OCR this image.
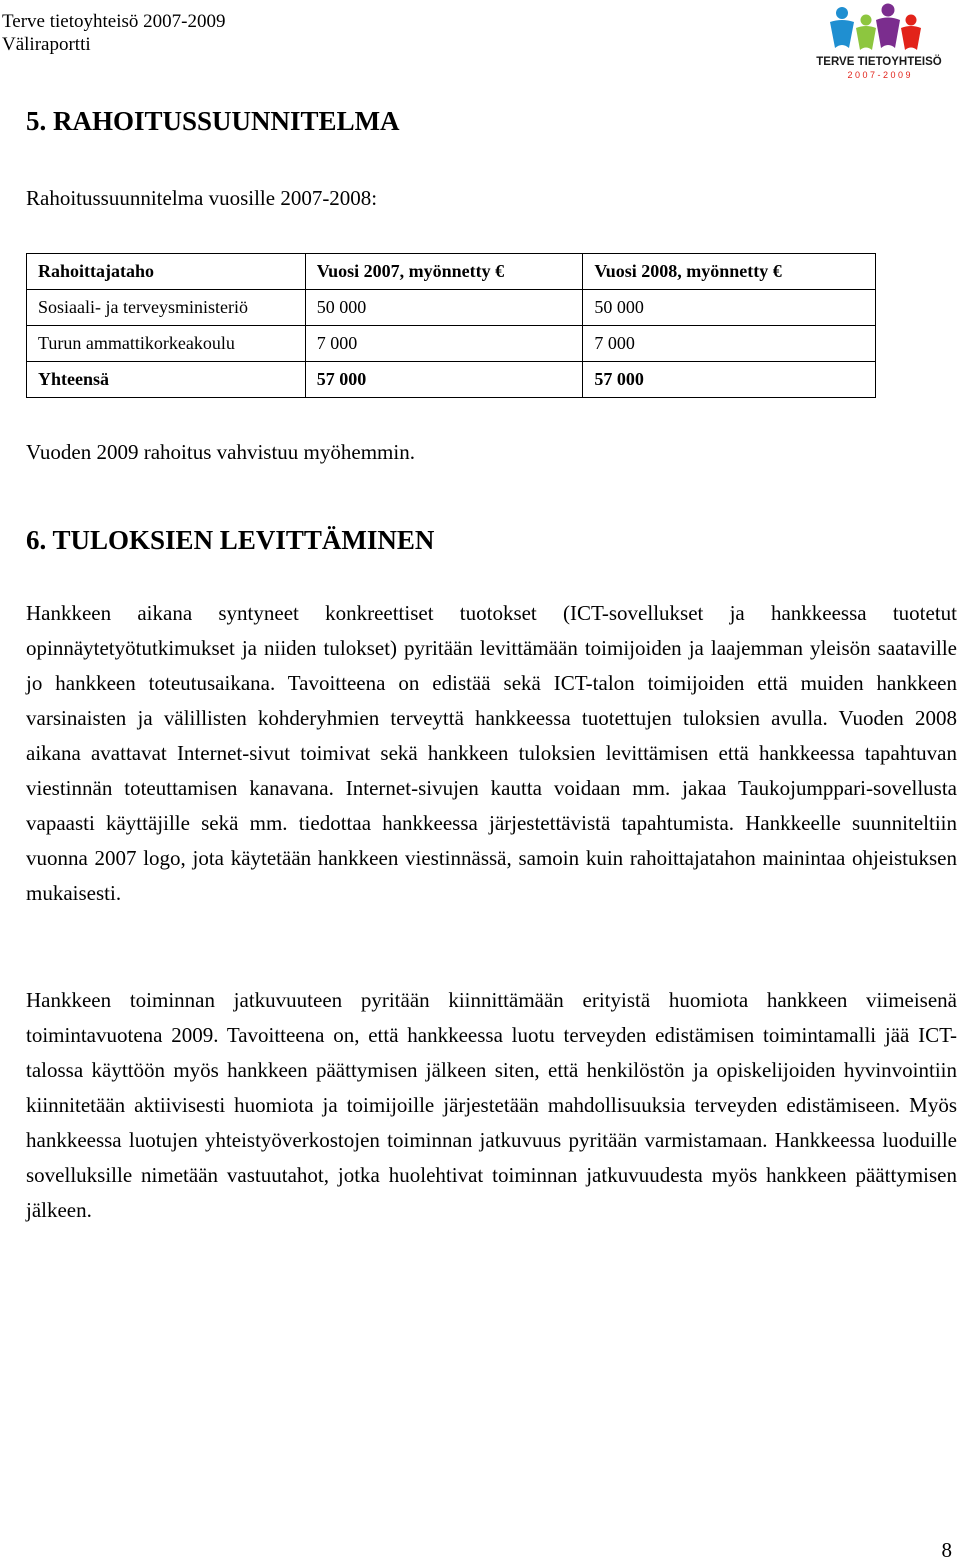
Terve tietoyhteisö 2007-2009
Väliraportti
TERVE TIETOYHTEISÖ
2 0 0 7 - 2 0 0 9
5. RAHOITUSSUUNNITELMA
Rahoitussuunnitelma vuosille 2007-2008:
Rahoittajataho	Vuosi 2007, myönnetty €	Vuosi 2008, myönnetty €
Sosiaali- ja terveysministeriö	50 000	50 000
Turun ammattikorkeakoulu	7 000	7 000
Yhteensä	57 000	57 000
Vuoden 2009 rahoitus vahvistuu myöhemmin.
6. TULOKSIEN LEVITTÄMINEN

Hankkeen aikana syntyneet konkreettiset tuotokset (ICT-sovellukset ja hankkeessa tuotetut opinnäytetyötutkimukset ja niiden tulokset) pyritään levittämään toimijoiden ja laajemman yleisön saataville jo hankkeen toteutusaikana. Tavoitteena on edistää sekä ICT-talon toimijoiden että muiden hankkeen varsinaisten ja välillisten kohderyhmien terveyttä hankkeessa tuotettujen tuloksien avulla. Vuoden 2008 aikana avattavat Internet-sivut toimivat sekä hankkeen tuloksien levittämisen että hankkeessa tapahtuvan viestinnän toteuttamisen kanavana. Internet-sivujen kautta voidaan mm. jakaa Taukojumppari-sovellusta vapaasti käyttäjille sekä mm. tiedottaa hankkeessa järjestettävistä tapahtumista. Hankkeelle suunniteltiin vuonna 2007 logo, jota käytetään hankkeen viestinnässä, samoin kuin rahoittajatahon mainintaa ohjeistuksen mukaisesti.

Hankkeen toiminnan jatkuvuuteen pyritään kiinnittämään erityistä huomiota hankkeen viimeisenä toimintavuotena 2009. Tavoitteena on, että hankkeessa luotu terveyden edistämisen toimintamalli jää ICT-talossa käyttöön myös hankkeen päättymisen jälkeen siten, että henkilöstön ja opiskelijoiden hyvinvointiin kiinnitetään aktiivisesti huomiota ja toimijoille järjestetään mahdollisuuksia terveyden edistämiseen. Myös hankkeessa luotujen yhteistyöverkostojen toiminnan jatkuvuus pyritään varmistamaan. Hankkeessa luoduille sovelluksille nimetään vastuutahot, jotka huolehtivat toiminnan jatkuvuudesta myös hankkeen päättymisen jälkeen.

8
